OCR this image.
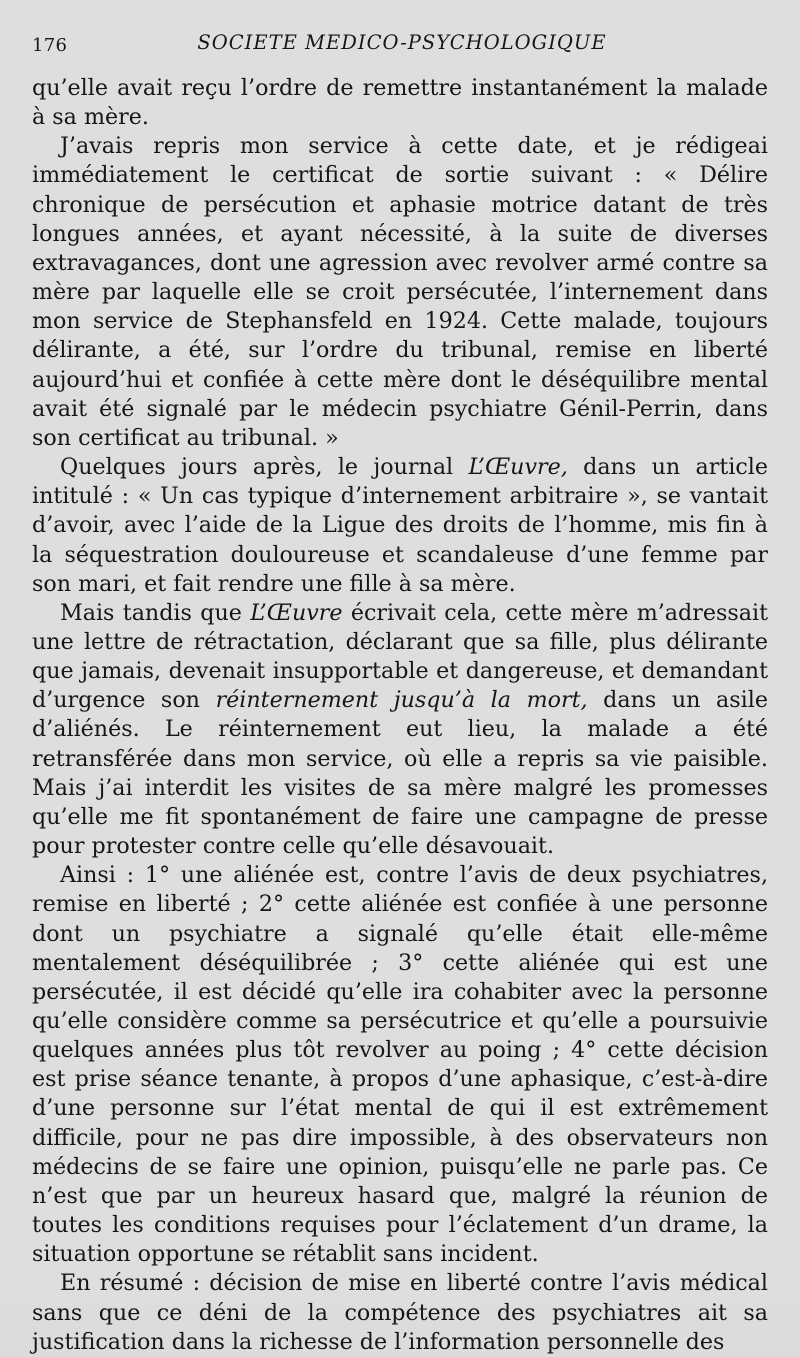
176	SOCIETE MEDICO-PSYCHOLOGIQUE

qu’elle avait reçu l’ordre de remettre instantanément la malade à sa mère.

J’avais repris mon service à cette date, et je rédigeai immédiatement le certificat de sortie suivant : « Délire chronique de persécution et aphasie motrice datant de très longues années, et ayant nécessité, à la suite de diverses extravagances, dont une agression avec revolver armé contre sa mère par laquelle elle se croit persécutée, l’internement dans mon service de Stephansfeld en 1924. Cette malade, toujours délirante, a été, sur l’ordre du tribunal, remise en liberté aujourd’hui et confiée à cette mère dont le déséquilibre mental avait été signalé par le médecin psychiatre Génil-Perrin, dans son certificat au tribunal. »

Quelques jours après, le journal L’Œuvre, dans un article intitulé : « Un cas typique d’internement arbitraire », se vantait d’avoir, avec l’aide de la Ligue des droits de l’homme, mis fin à la séquestration douloureuse et scandaleuse d’une femme par son mari, et fait rendre une fille à sa mère.

Mais tandis que L’Œuvre écrivait cela, cette mère m’adressait une lettre de rétractation, déclarant que sa fille, plus délirante que jamais, devenait insupportable et dangereuse, et demandant d’urgence son réinternement jusqu’à la mort, dans un asile d’aliénés. Le réinternement eut lieu, la malade a été retransférée dans mon service, où elle a repris sa vie paisible. Mais j’ai interdit les visites de sa mère malgré les promesses qu’elle me fit spontanément de faire une campagne de presse pour protester contre celle qu’elle désavouait.

Ainsi : 1° une aliénée est, contre l’avis de deux psychiatres, remise en liberté ; 2° cette aliénée est confiée à une personne dont un psychiatre a signalé qu’elle était elle-même mentalement déséquilibrée ; 3° cette aliénée qui est une persécutée, il est décidé qu’elle ira cohabiter avec la personne qu’elle considère comme sa persécutrice et qu’elle a poursuivie quelques années plus tôt revolver au poing ; 4° cette décision est prise séance tenante, à propos d’une aphasique, c’est-à-dire d’une personne sur l’état mental de qui il est extrêmement difficile, pour ne pas dire impossible, à des observateurs non médecins de se faire une opinion, puisqu’elle ne parle pas. Ce n’est que par un heureux hasard que, malgré la réunion de toutes les conditions requises pour l’éclatement d’un drame, la situation opportune se rétablit sans incident.

En résumé : décision de mise en liberté contre l’avis médical sans que ce déni de la compétence des psychiatres ait sa justification dans la richesse de l’information personnelle des
